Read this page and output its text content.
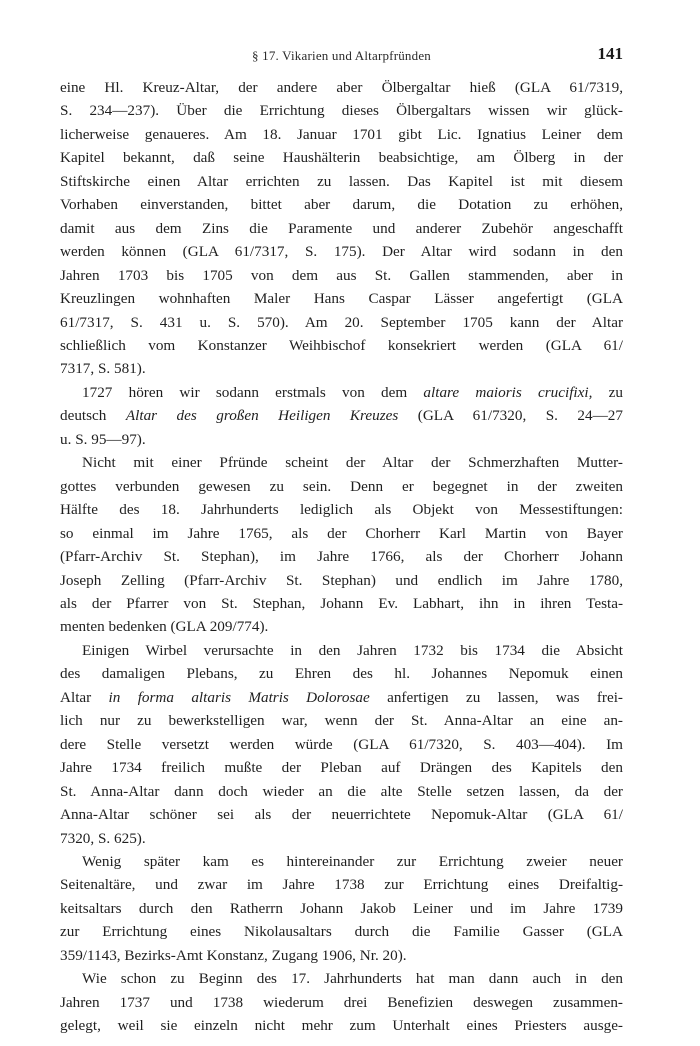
§ 17. Vikarien und Altarpfründen	141

eine Hl. Kreuz-Altar, der andere aber Ölbergaltar hieß (GLA 61/7319,
S. 234—237). Über die Errichtung dieses Ölbergaltars wissen wir glück-
licherweise genaueres. Am 18. Januar 1701 gibt Lic. Ignatius Leiner dem
Kapitel bekannt, daß seine Haushälterin beabsichtige, am Ölberg in der
Stiftskirche einen Altar errichten zu lassen. Das Kapitel ist mit diesem
Vorhaben einverstanden, bittet aber darum, die Dotation zu erhöhen,
damit aus dem Zins die Paramente und anderer Zubehör angeschafft
werden können (GLA 61/7317, S. 175). Der Altar wird sodann in den
Jahren 1703 bis 1705 von dem aus St. Gallen stammenden, aber in
Kreuzlingen wohnhaften Maler Hans Caspar Lässer angefertigt (GLA
61/7317, S. 431 u. S. 570). Am 20. September 1705 kann der Altar
schließlich vom Konstanzer Weihbischof konsekriert werden (GLA 61/
7317, S. 581).

1727 hören wir sodann erstmals von dem altare maioris crucifixi, zu
deutsch Altar des großen Heiligen Kreuzes (GLA 61/7320, S. 24—27
u. S. 95—97).

Nicht mit einer Pfründe scheint der Altar der Schmerzhaften Mutter-
gottes verbunden gewesen zu sein. Denn er begegnet in der zweiten
Hälfte des 18. Jahrhunderts lediglich als Objekt von Messestiftungen:
so einmal im Jahre 1765, als der Chorherr Karl Martin von Bayer
(Pfarr-Archiv St. Stephan), im Jahre 1766, als der Chorherr Johann
Joseph Zelling (Pfarr-Archiv St. Stephan) und endlich im Jahre 1780,
als der Pfarrer von St. Stephan, Johann Ev. Labhart, ihn in ihren Testa-
menten bedenken (GLA 209/774).

Einigen Wirbel verursachte in den Jahren 1732 bis 1734 die Absicht
des damaligen Plebans, zu Ehren des hl. Johannes Nepomuk einen
Altar in forma altaris Matris Dolorosae anfertigen zu lassen, was frei-
lich nur zu bewerkstelligen war, wenn der St. Anna-Altar an eine an-
dere Stelle versetzt werden würde (GLA 61/7320, S. 403—404). Im
Jahre 1734 freilich mußte der Pleban auf Drängen des Kapitels den
St. Anna-Altar dann doch wieder an die alte Stelle setzen lassen, da der
Anna-Altar schöner sei als der neuerrichtete Nepomuk-Altar (GLA 61/
7320, S. 625).

Wenig später kam es hintereinander zur Errichtung zweier neuer
Seitenaltäre, und zwar im Jahre 1738 zur Errichtung eines Dreifaltig-
keitsaltars durch den Ratherrn Johann Jakob Leiner und im Jahre 1739
zur Errichtung eines Nikolausaltars durch die Familie Gasser (GLA
359/1143, Bezirks-Amt Konstanz, Zugang 1906, Nr. 20).

Wie schon zu Beginn des 17. Jahrhunderts hat man dann auch in den
Jahren 1737 und 1738 wiederum drei Benefizien deswegen zusammen-
gelegt, weil sie einzeln nicht mehr zum Unterhalt eines Priesters ausge-
